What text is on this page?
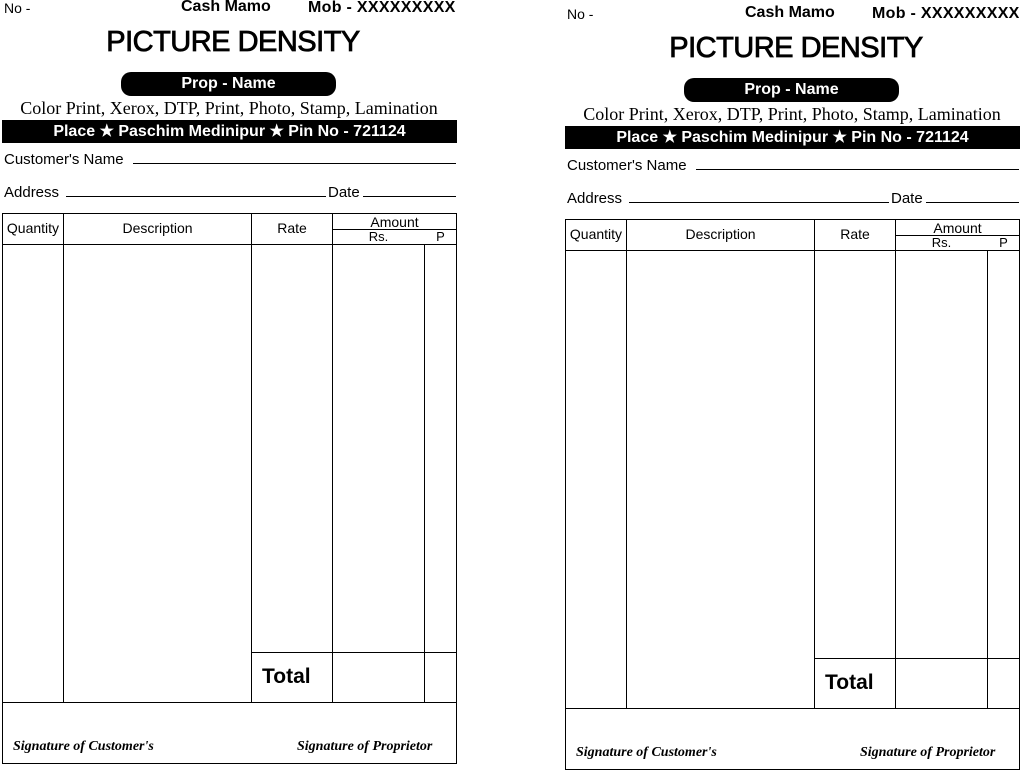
No -	Cash Mamo Mob - XXXXXXXXX
PICTURE DENSITY
Prop - Name
Color Print, Xerox, DTP, Print, Photo, Stamp, Lamination
Place ★ Paschim Medinipur ★ Pin No - 721124
Customer's Name
Address	Date
Quantity	Description	Rate	Amount
Rs.	P
Total
Signature of Customer's	Signature of Proprietor
No -	Cash Mamo Mob - XXXXXXXXX
PICTURE DENSITY
Prop - Name
Color Print, Xerox, DTP, Print, Photo, Stamp, Lamination
Place ★ Paschim Medinipur ★ Pin No - 721124
Customer's Name
Address	Date
Quantity	Description	Rate	Amount
Rs.	P
Total
Signature of Customer's	Signature of Proprietor
